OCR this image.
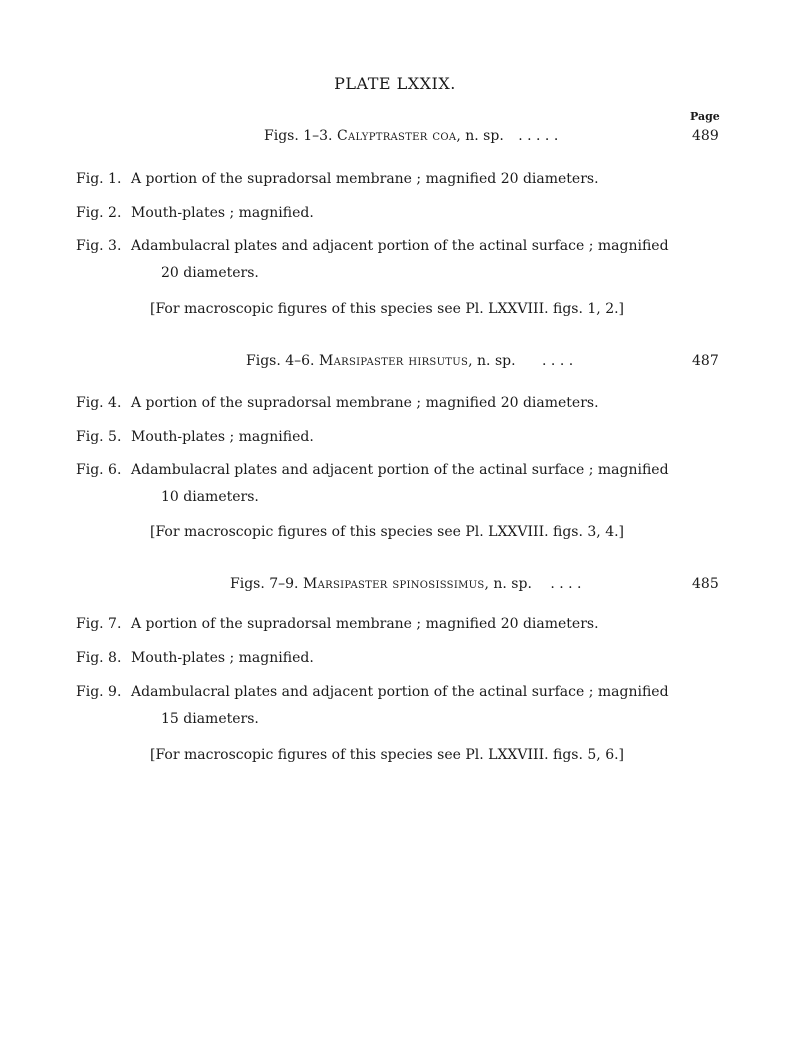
PLATE LXXIX.
Page
Figs. 1–3. Calyptraster coa, n. sp. . . . . .	489
Fig. 1. A portion of the supradorsal membrane ; magnified 20 diameters.
Fig. 2. Mouth-plates ; magnified.
Fig. 3. Adambulacral plates and adjacent portion of the actinal surface ; magnified
20 diameters.
[For macroscopic figures of this species see Pl. LXXVIII. figs. 1, 2.]
Figs. 4–6. Marsipaster hirsutus, n. sp. . . . .	487
Fig. 4. A portion of the supradorsal membrane ; magnified 20 diameters.
Fig. 5. Mouth-plates ; magnified.
Fig. 6. Adambulacral plates and adjacent portion of the actinal surface ; magnified
10 diameters.
[For macroscopic figures of this species see Pl. LXXVIII. figs. 3, 4.]
Figs. 7–9. Marsipaster spinosissimus, n. sp. . . . .	485
Fig. 7. A portion of the supradorsal membrane ; magnified 20 diameters.
Fig. 8. Mouth-plates ; magnified.
Fig. 9. Adambulacral plates and adjacent portion of the actinal surface ; magnified
15 diameters.
[For macroscopic figures of this species see Pl. LXXVIII. figs. 5, 6.]
